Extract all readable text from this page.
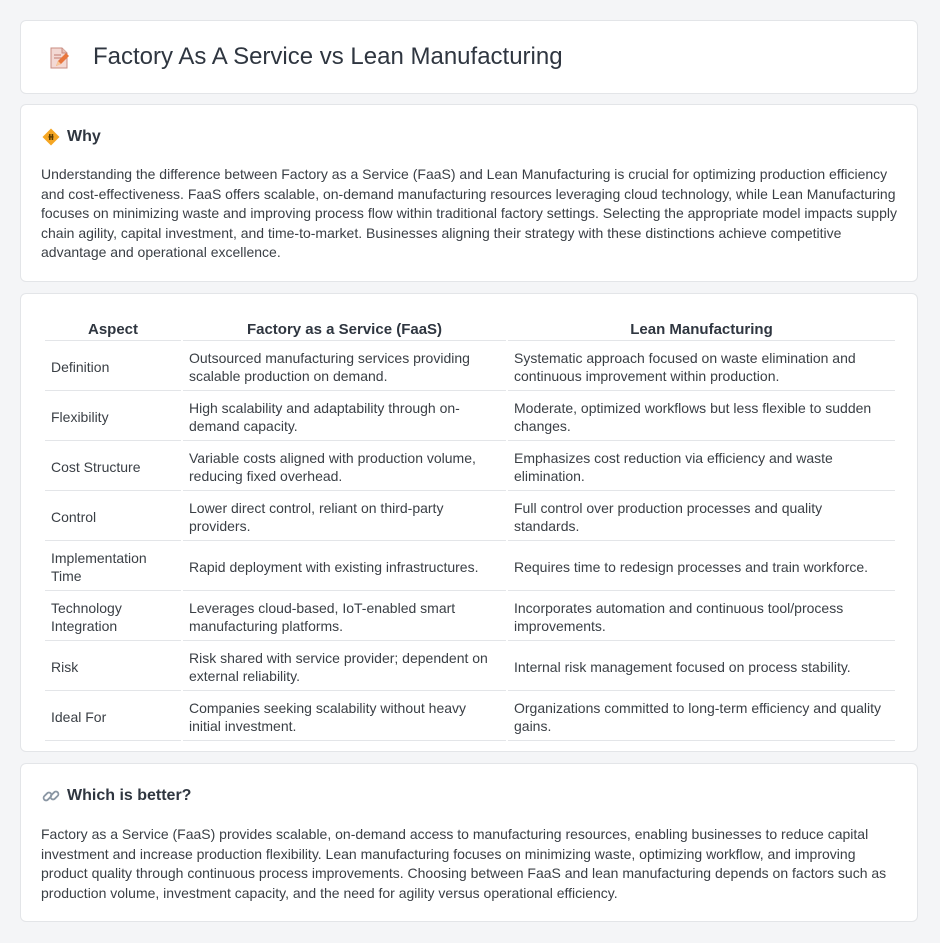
Factory As A Service vs Lean Manufacturing
Why

Understanding the difference between Factory as a Service (FaaS) and Lean Manufacturing is crucial for optimizing production efficiency and cost-effectiveness. FaaS offers scalable, on-demand manufacturing resources leveraging cloud technology, while Lean Manufacturing focuses on minimizing waste and improving process flow within traditional factory settings. Selecting the appropriate model impacts supply chain agility, capital investment, and time-to-market. Businesses aligning their strategy with these distinctions achieve competitive advantage and operational excellence.

Aspect	Factory as a Service (FaaS)	Lean Manufacturing
Definition	Outsourced manufacturing services providing scalable production on demand.	Systematic approach focused on waste elimination and continuous improvement within production.
Flexibility	High scalability and adaptability through on-demand capacity.	Moderate, optimized workflows but less flexible to sudden changes.
Cost Structure	Variable costs aligned with production volume, reducing fixed overhead.	Emphasizes cost reduction via efficiency and waste elimination.
Control	Lower direct control, reliant on third-party providers.	Full control over production processes and quality standards.
Implementation Time	Rapid deployment with existing infrastructures.	Requires time to redesign processes and train workforce.
Technology Integration	Leverages cloud-based, IoT-enabled smart manufacturing platforms.	Incorporates automation and continuous tool/process improvements.
Risk	Risk shared with service provider; dependent on external reliability.	Internal risk management focused on process stability.
Ideal For	Companies seeking scalability without heavy initial investment.	Organizations committed to long-term efficiency and quality gains.
Which is better?

Factory as a Service (FaaS) provides scalable, on-demand access to manufacturing resources, enabling businesses to reduce capital investment and increase production flexibility. Lean manufacturing focuses on minimizing waste, optimizing workflow, and improving product quality through continuous process improvements. Choosing between FaaS and lean manufacturing depends on factors such as production volume, investment capacity, and the need for agility versus operational efficiency.
